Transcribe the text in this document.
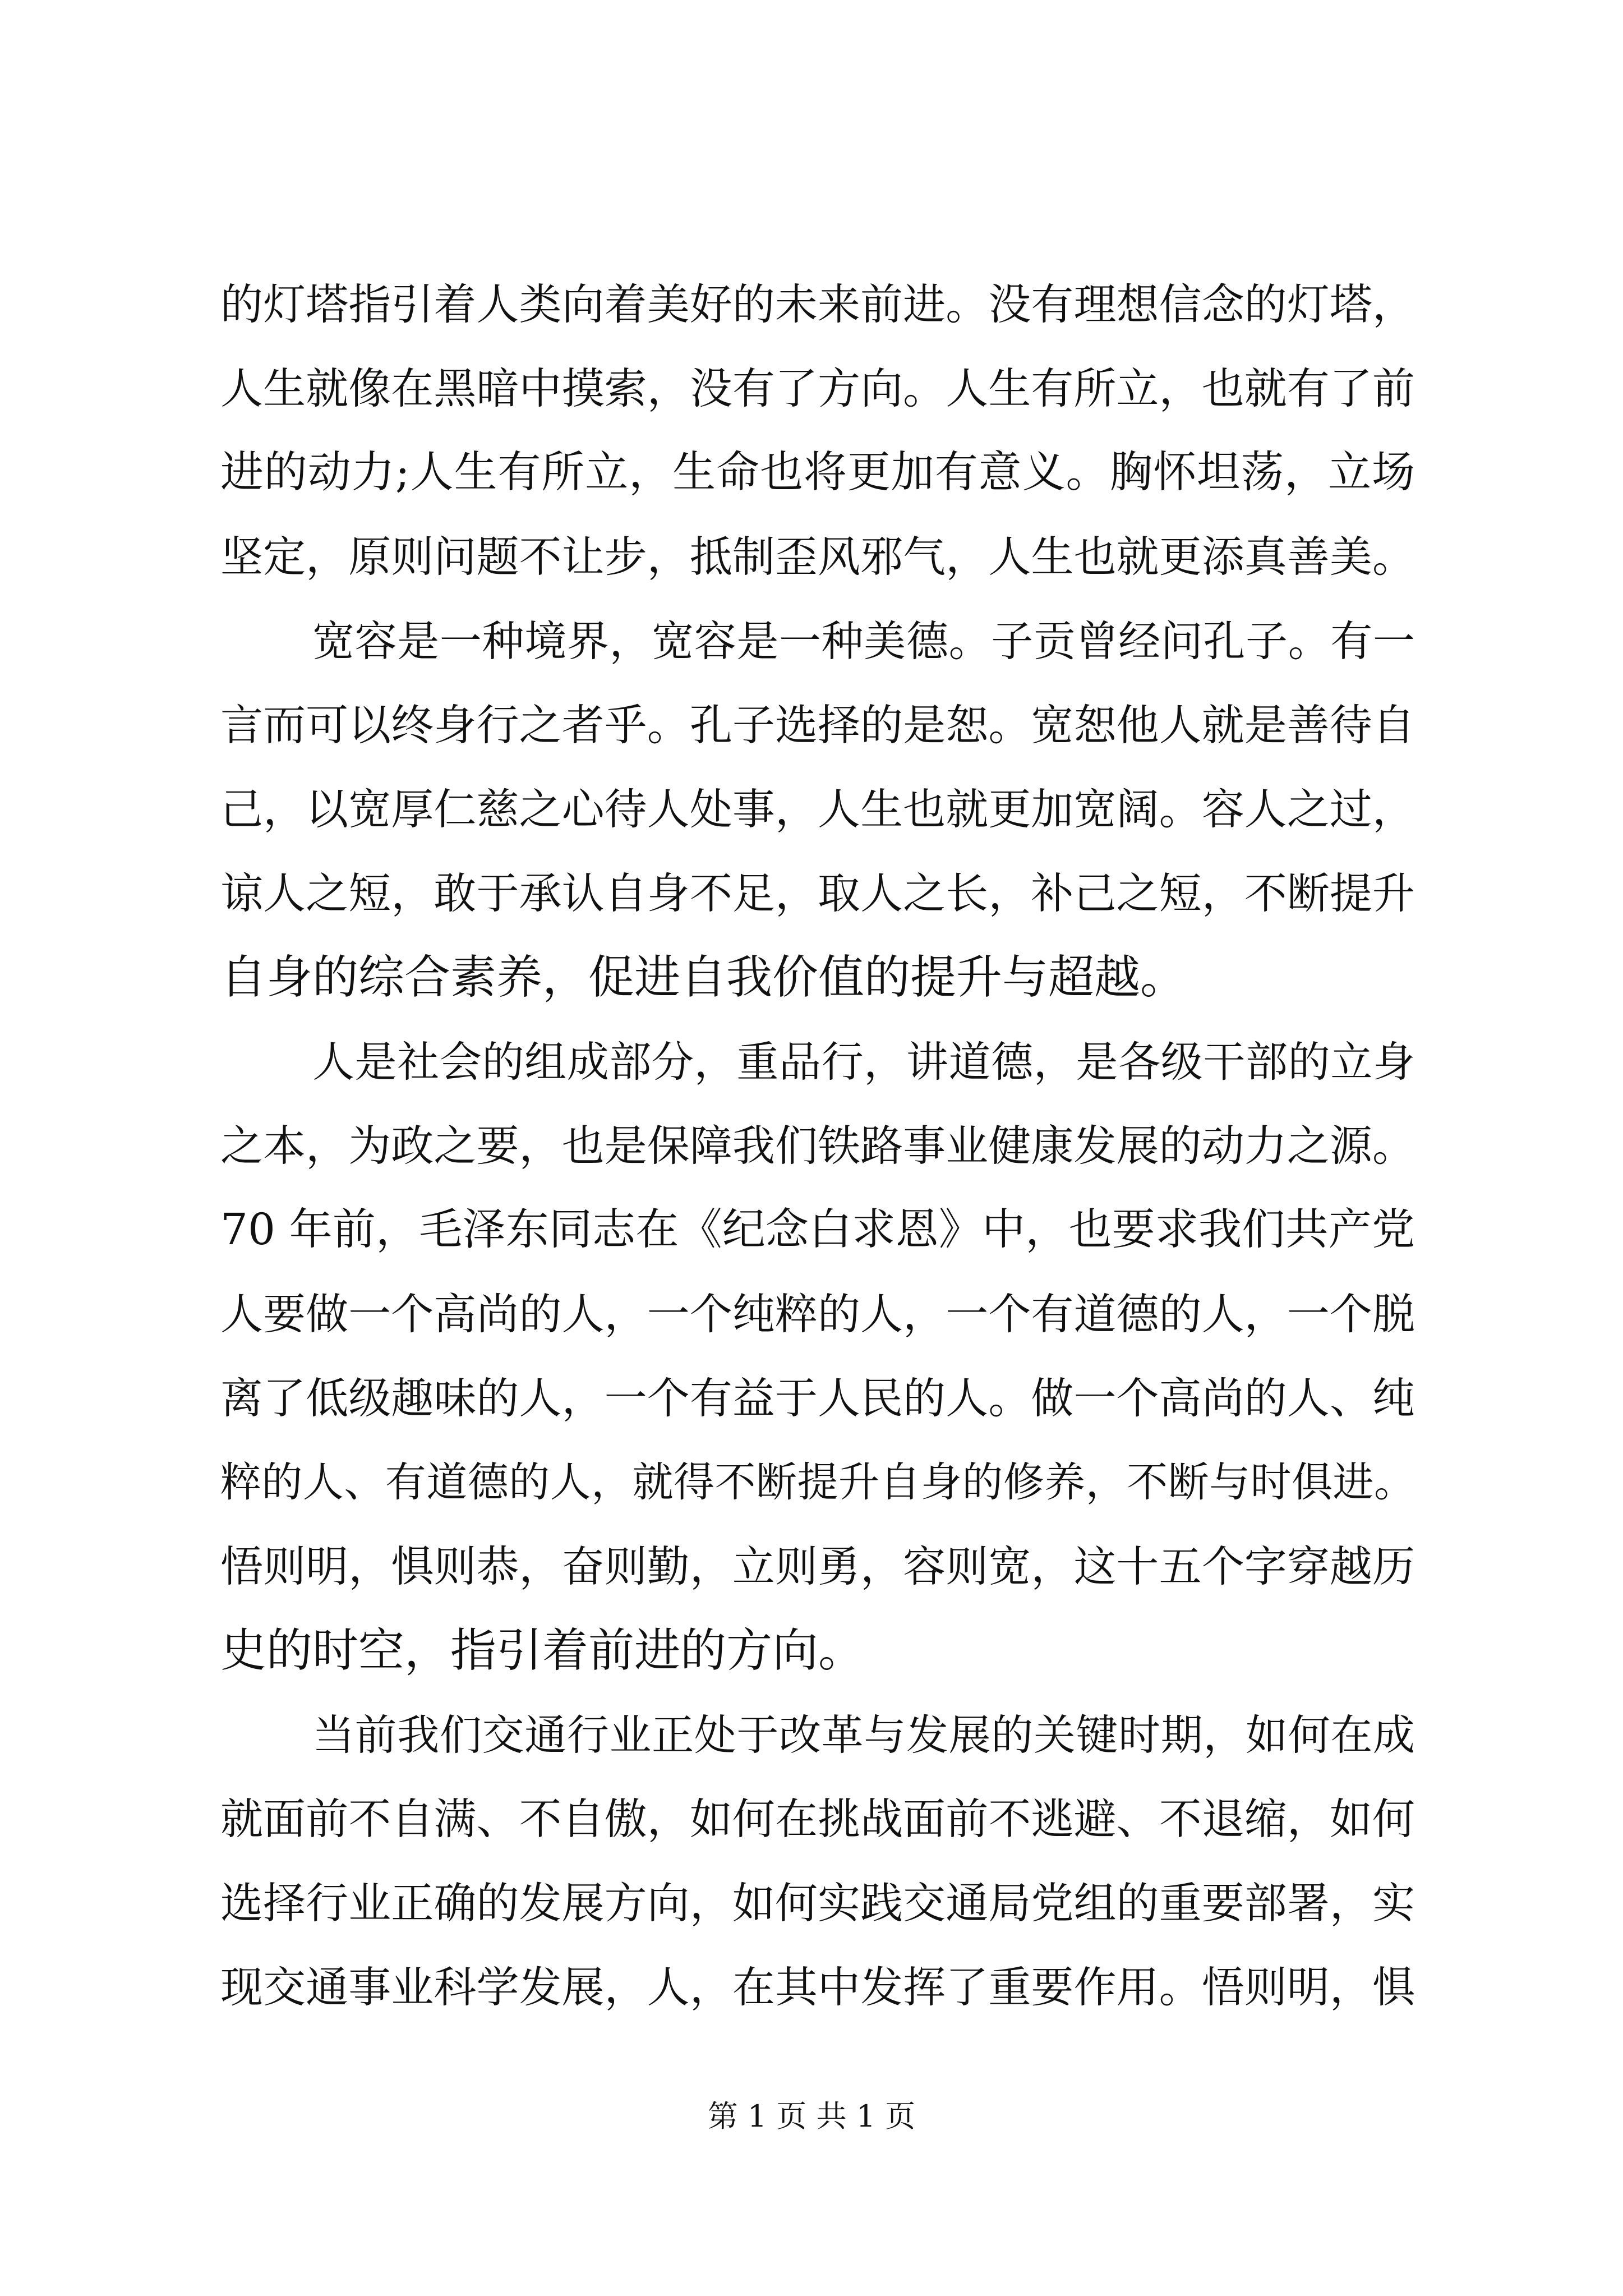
的灯塔指引着人类向着美好的未来前进。没有理想信念的灯塔，
人生就像在黑暗中摸索，没有了方向。人生有所立，也就有了前
进的动力;人生有所立，生命也将更加有意义。胸怀坦荡，立场
坚定，原则问题不让步，抵制歪风邪气，人生也就更添真善美。
宽容是一种境界，宽容是一种美德。子贡曾经问孔子。有一
言而可以终身行之者乎。孔子选择的是恕。宽恕他人就是善待自
己，以宽厚仁慈之心待人处事，人生也就更加宽阔。容人之过，
谅人之短，敢于承认自身不足，取人之长，补己之短，不断提升
自身的综合素养，促进自我价值的提升与超越。
人是社会的组成部分，重品行，讲道德，是各级干部的立身
之本，为政之要，也是保障我们铁路事业健康发展的动力之源。
70 年前，毛泽东同志在《纪念白求恩》中，也要求我们共产党
人要做一个高尚的人，一个纯粹的人，一个有道德的人，一个脱
离了低级趣味的人，一个有益于人民的人。做一个高尚的人、纯
粹的人、有道德的人，就得不断提升自身的修养，不断与时俱进。
悟则明，惧则恭，奋则勤，立则勇，容则宽，这十五个字穿越历
史的时空，指引着前进的方向。
当前我们交通行业正处于改革与发展的关键时期，如何在成
就面前不自满、不自傲，如何在挑战面前不逃避、不退缩，如何
选择行业正确的发展方向，如何实践交通局党组的重要部署，实
现交通事业科学发展，人，在其中发挥了重要作用。悟则明，惧
第 1 页 共 1 页
